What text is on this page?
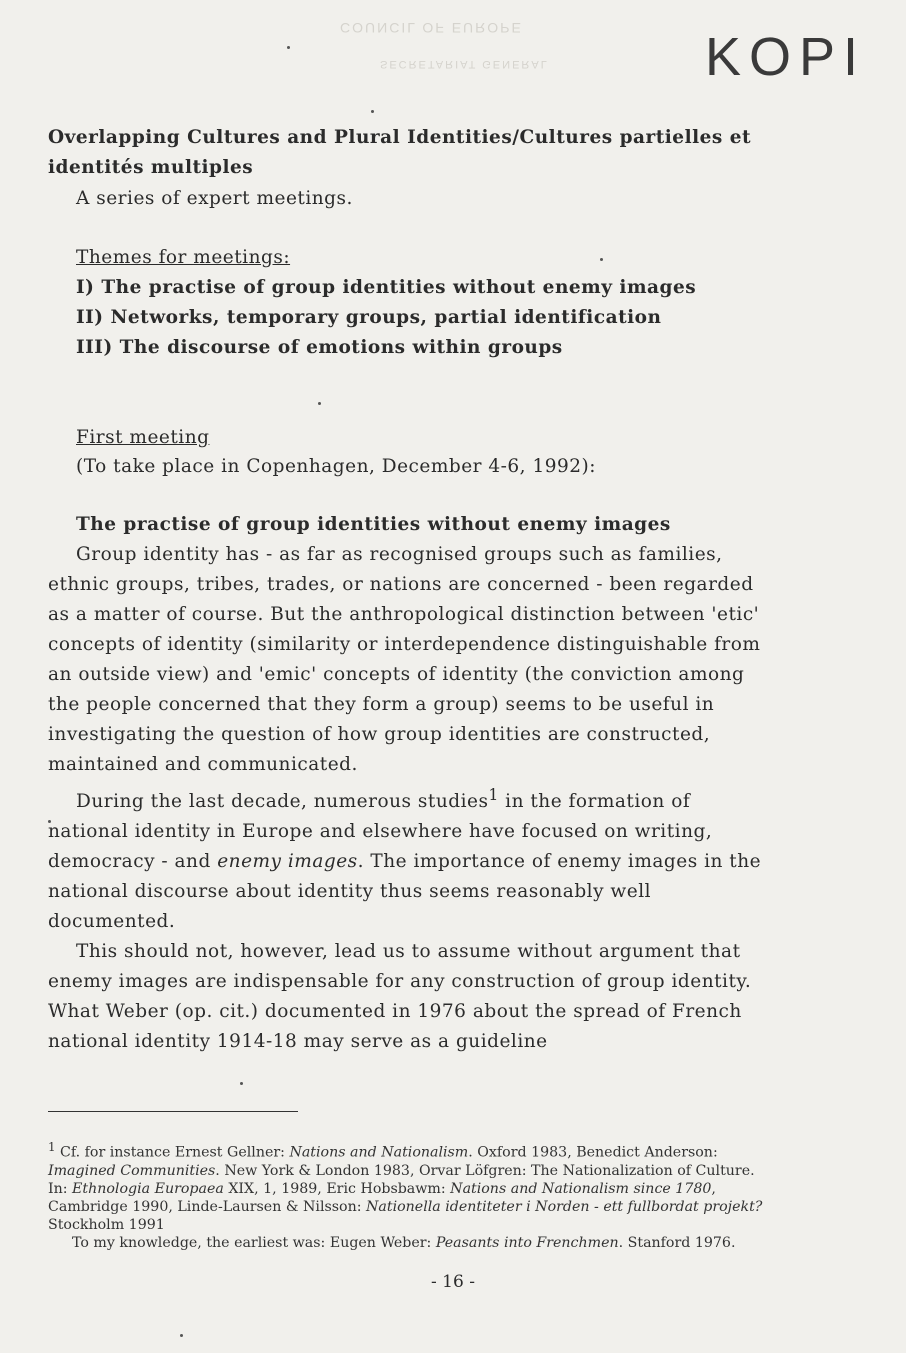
COUNCIL OF EUROPE
SECRETARIAT GENERAL	KOPI
Overlapping Cultures and Plural Identities/Cultures partielles et identités multiples
A series of expert meetings.
Themes for meetings:
I) The practise of group identities without enemy images
II) Networks, temporary groups, partial identification
III) The discourse of emotions within groups
First meeting
(To take place in Copenhagen, December 4-6, 1992):
The practise of group identities without enemy images

Group identity has - as far as recognised groups such as families, ethnic groups, tribes, trades, or nations are concerned - been regarded as a matter of course. But the anthropological distinction between 'etic' concepts of identity (similarity or interdependence distinguishable from an outside view) and 'emic' concepts of identity (the conviction among the people concerned that they form a group) seems to be useful in investigating the question of how group identities are constructed, maintained and communicated.

During the last decade, numerous studies$^1$ in the formation of national identity in Europe and elsewhere have focused on writing, democracy - and enemy images. The importance of enemy images in the national discourse about identity thus seems reasonably well documented.

This should not, however, lead us to assume without argument that enemy images are indispensable for any construction of group identity. What Weber (op. cit.) documented in 1976 about the spread of French national identity 1914-18 may serve as a guideline

$^1$ Cf. for instance Ernest Gellner: Nations and Nationalism. Oxford 1983, Benedict Anderson: Imagined Communities. New York & London 1983, Orvar Löfgren: The Nationalization of Culture. In: Ethnologia Europaea XIX, 1, 1989, Eric Hobsbawm: Nations and Nationalism since 1780, Cambridge 1990, Linde-Laursen & Nilsson: Nationella identiteter i Norden - ett fullbordat projekt? Stockholm 1991

To my knowledge, the earliest was: Eugen Weber: Peasants into Frenchmen. Stanford 1976.

- 16 -
